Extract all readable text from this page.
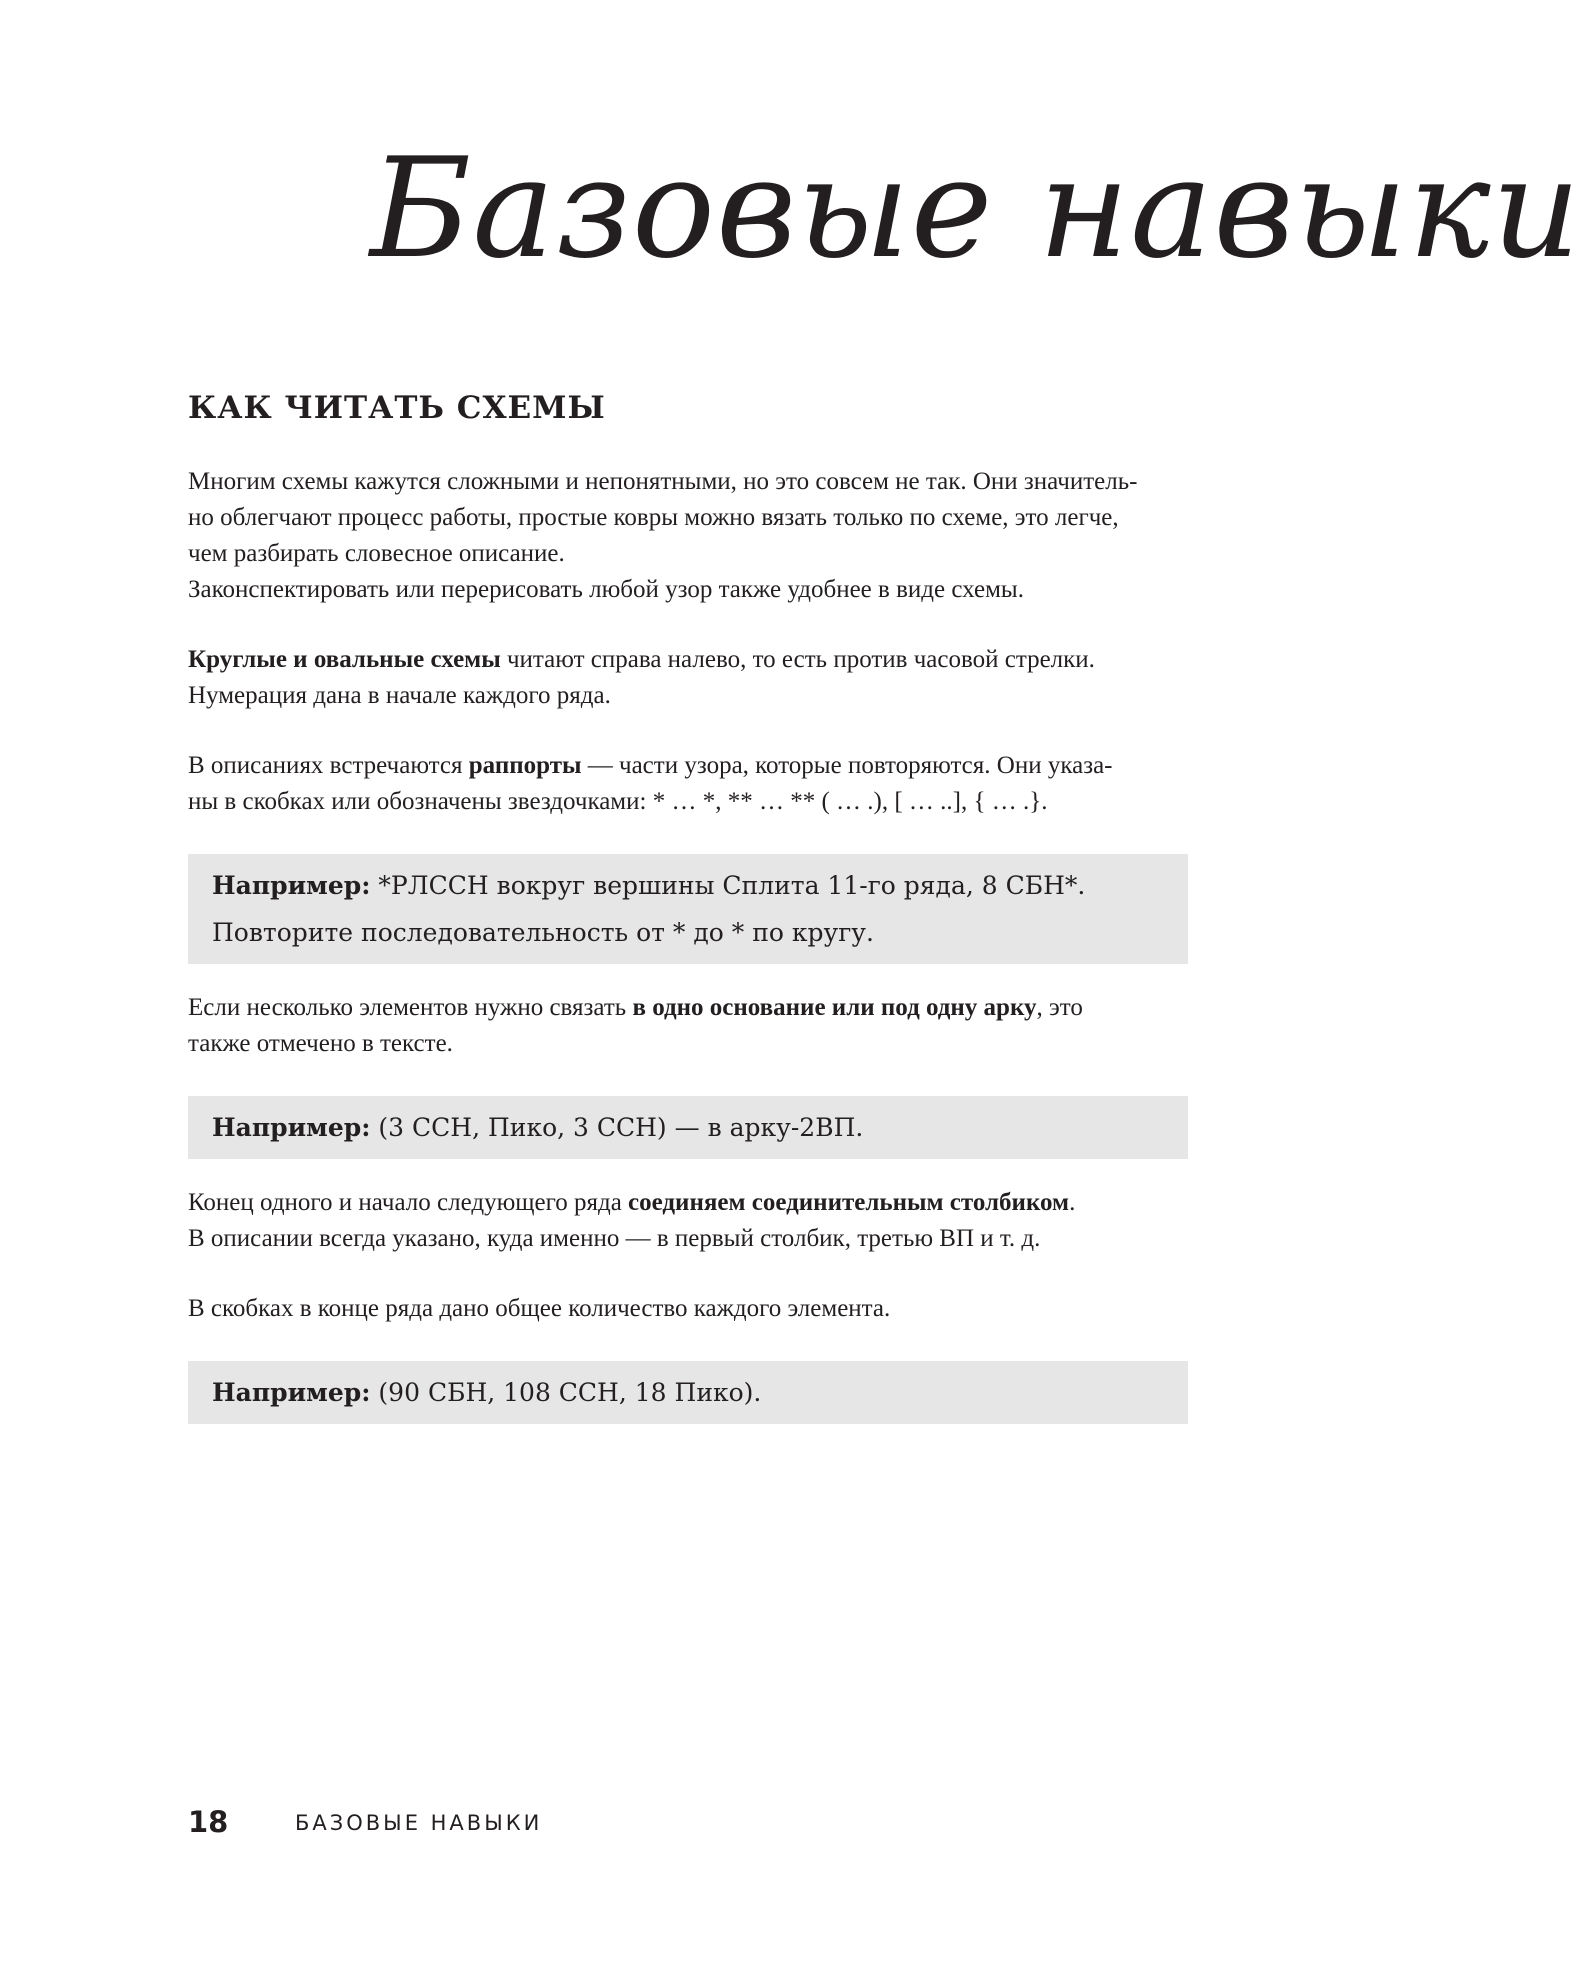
Базовые навыки
КАК ЧИТАТЬ СХЕМЫ

Многим схемы кажутся сложными и непонятными, но это совсем не так. Они значитель-
но облегчают процесс работы, простые ковры можно вязать только по схеме, это легче,
чем разбирать словесное описание.
Законспектировать или перерисовать любой узор также удобнее в виде схемы.

Круглые и овальные схемы читают справа налево, то есть против часовой стрелки.
Нумерация дана в начале каждого ряда.

В описаниях встречаются раппорты — части узора, которые повторяются. Они указа-
ны в скобках или обозначены звездочками: * … *, ** … ** ( … .), [ … ..], { … .}.

Например: *РЛССН вокруг вершины Сплита 11-го ряда, 8 СБН*.
Повторите последовательность от * до * по кругу.

Если несколько элементов нужно связать в одно основание или под одну арку, это
также отмечено в тексте.

Например: (3 ССН, Пико, 3 ССН) — в арку-2ВП.

Конец одного и начало следующего ряда соединяем соединительным столбиком.
В описании всегда указано, куда именно — в первый столбик, третью ВП и т. д.

В скобках в конце ряда дано общее количество каждого элемента.

Например: (90 СБН, 108 ССН, 18 Пико).
18	БАЗОВЫЕ НАВЫКИ
